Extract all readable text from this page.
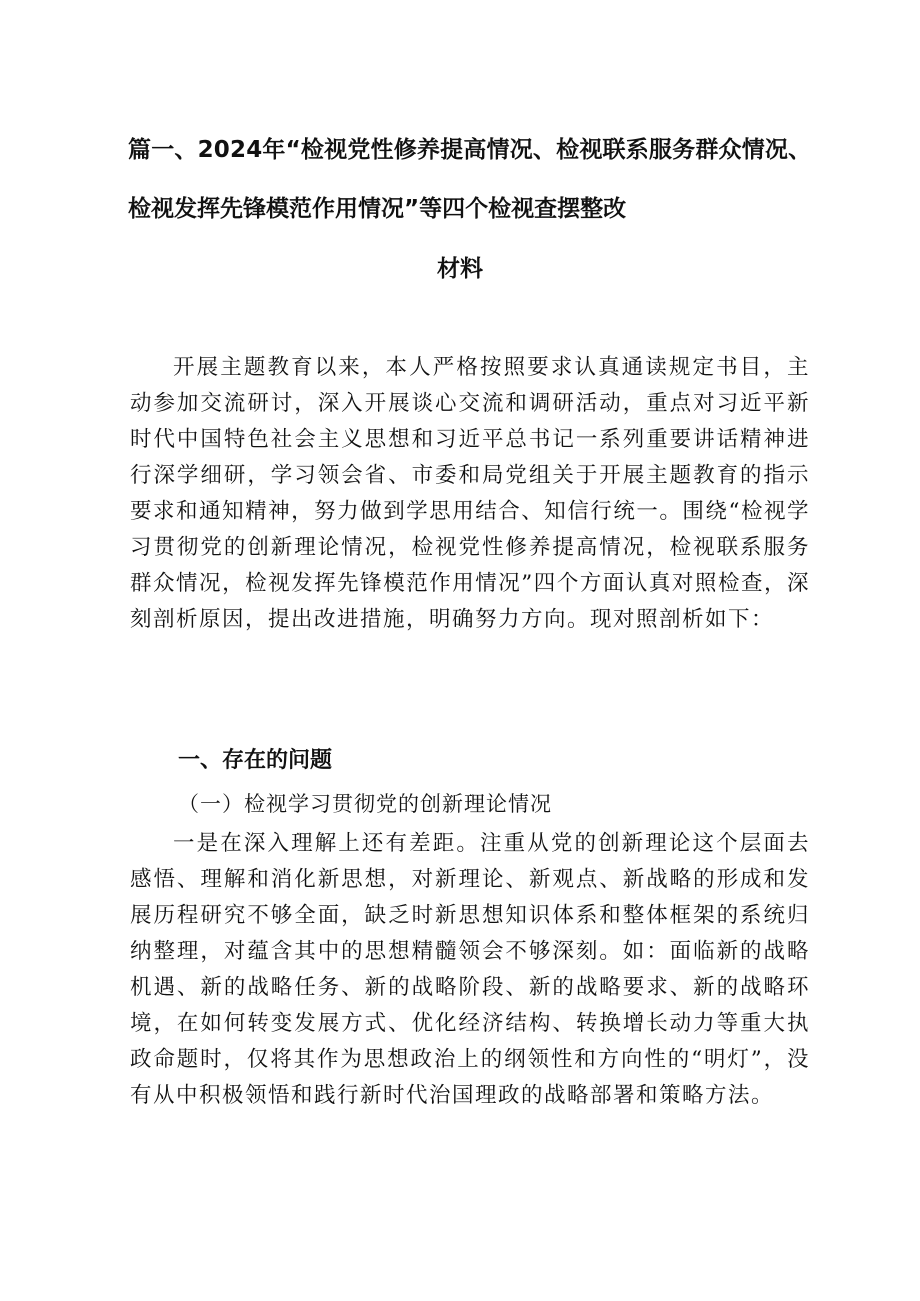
篇一、2024年“检视党性修养提高情况、检视联系服务群众情况、
检视发挥先锋模范作用情况”等四个检视查摆整改
材料

开展主题教育以来，本人严格按照要求认真通读规定书目，主动参加交流研讨，深入开展谈心交流和调研活动，重点对习近平新时代中国特色社会主义思想和习近平总书记一系列重要讲话精神进行深学细研，学习领会省、市委和局党组关于开展主题教育的指示要求和通知精神，努力做到学思用结合、知信行统一。围绕“检视学习贯彻党的创新理论情况，检视党性修养提高情况，检视联系服务群众情况，检视发挥先锋模范作用情况”四个方面认真对照检查，深刻剖析原因，提出改进措施，明确努力方向。现对照剖析如下：

一、存在的问题
（一）检视学习贯彻党的创新理论情况

一是在深入理解上还有差距。注重从党的创新理论这个层面去感悟、理解和消化新思想，对新理论、新观点、新战略的形成和发展历程研究不够全面，缺乏时新思想知识体系和整体框架的系统归纳整理，对蕴含其中的思想精髓领会不够深刻。如：面临新的战略机遇、新的战略任务、新的战略阶段、新的战略要求、新的战略环境，在如何转变发展方式、优化经济结构、转换增长动力等重大执政命题时，仅将其作为思想政治上的纲领性和方向性的“明灯”，没有从中积极领悟和践行新时代治国理政的战略部署和策略方法。
